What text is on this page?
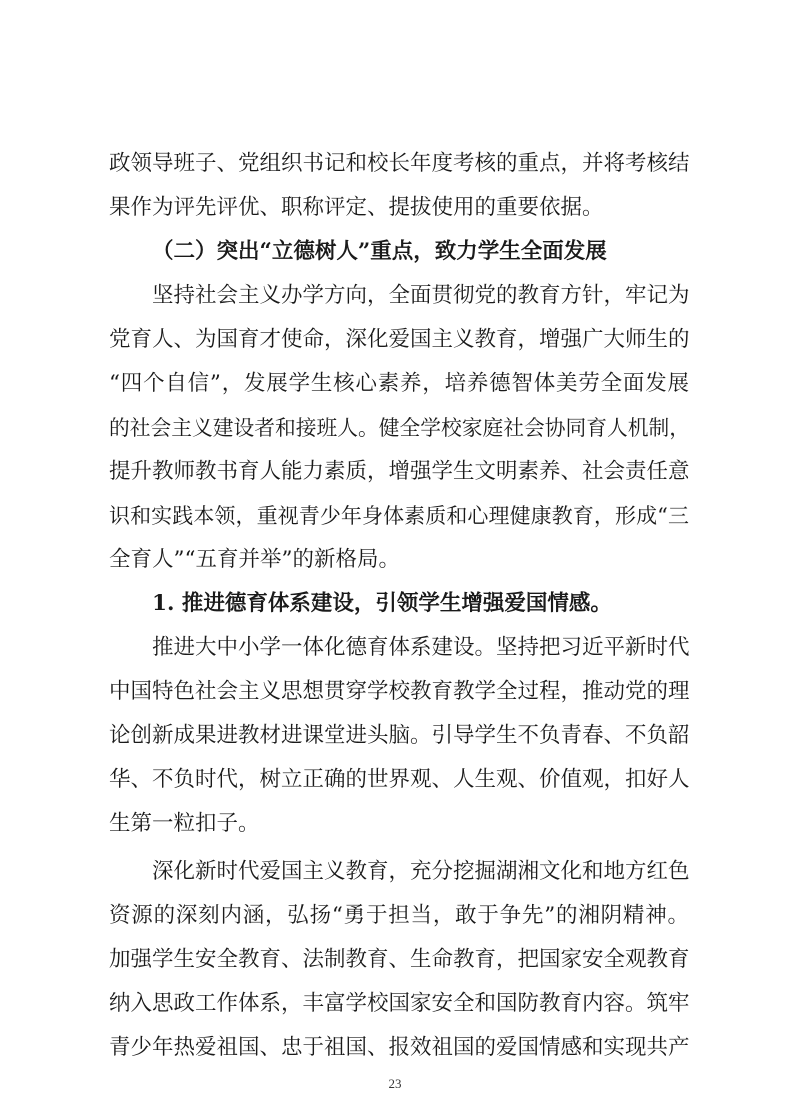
政领导班子、党组织书记和校长年度考核的重点，并将考核结
果作为评先评优、职称评定、提拔使用的重要依据。
（二）突出“立德树人”重点，致力学生全面发展
坚持社会主义办学方向，全面贯彻党的教育方针，牢记为
党育人、为国育才使命，深化爱国主义教育，增强广大师生的
“四个自信”，发展学生核心素养，培养德智体美劳全面发展
的社会主义建设者和接班人。健全学校家庭社会协同育人机制，
提升教师教书育人能力素质，增强学生文明素养、社会责任意
识和实践本领，重视青少年身体素质和心理健康教育，形成“三
全育人”“五育并举”的新格局。
1. 推进德育体系建设，引领学生增强爱国情感。
推进大中小学一体化德育体系建设。坚持把习近平新时代
中国特色社会主义思想贯穿学校教育教学全过程，推动党的理
论创新成果进教材进课堂进头脑。引导学生不负青春、不负韶
华、不负时代，树立正确的世界观、人生观、价值观，扣好人
生第一粒扣子。
深化新时代爱国主义教育，充分挖掘湖湘文化和地方红色
资源的深刻内涵，弘扬“勇于担当，敢于争先”的湘阴精神。
加强学生安全教育、法制教育、生命教育，把国家安全观教育
纳入思政工作体系，丰富学校国家安全和国防教育内容。筑牢
青少年热爱祖国、忠于祖国、报效祖国的爱国情感和实现共产
23
